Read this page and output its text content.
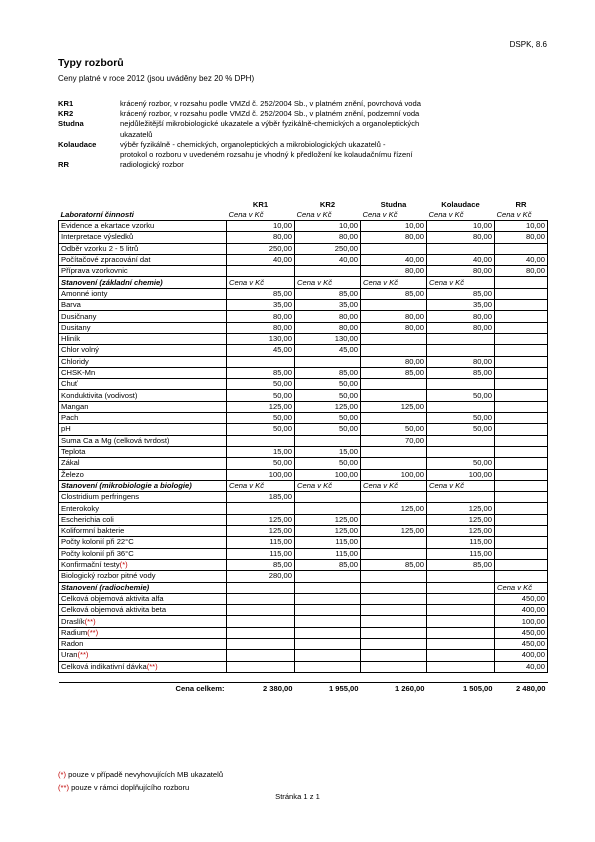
DSPK, 8.6
Typy rozborů
Ceny platné v roce 2012 (jsou uváděny bez 20 % DPH)
KR1	krácený rozbor, v rozsahu podle VMZd č. 252/2004 Sb., v platném znění, povrchová voda
KR2	krácený rozbor, v rozsahu podle VMZd č. 252/2004 Sb., v platném znění, podzemní voda
Studna	nejdůležitější mikrobiologické ukazatele a výběr fyzikálně-chemických a organoleptických
ukazatelů
Kolaudace	výběr fyzikálně - chemických, organoleptických a mikrobiologických ukazatelů -
protokol o rozboru v uvedeném rozsahu je vhodný k předložení ke kolaudačnímu řízení
RR	radiologický rozbor
	KR1	KR2	Studna	Kolaudace	RR
Laboratorní činnosti	Cena v Kč	Cena v Kč	Cena v Kč	Cena v Kč	Cena v Kč
Evidence a ekartace vzorku	10,00	10,00	10,00	10,00	10,00
Interpretace výsledků	80,00	80,00	80,00	80,00	80,00
Odběr vzorku 2 - 5 litrů	250,00	250,00			
Počítačové zpracování dat	40,00	40,00	40,00	40,00	40,00
Příprava vzorkovnic			80,00	80,00	80,00
Stanovení (základní chemie)	Cena v Kč	Cena v Kč	Cena v Kč	Cena v Kč	
Amonné ionty	85,00	85,00	85,00	85,00	
Barva	35,00	35,00		35,00	
Dusičnany	80,00	80,00	80,00	80,00	
Dusitany	80,00	80,00	80,00	80,00	
Hliník	130,00	130,00			
Chlor volný	45,00	45,00			
Chloridy			80,00	80,00	
CHSK-Mn	85,00	85,00	85,00	85,00	
Chuť	50,00	50,00			
Konduktivita (vodivost)	50,00	50,00		50,00	
Mangan	125,00	125,00	125,00		
Pach	50,00	50,00		50,00	
pH	50,00	50,00	50,00	50,00	
Suma Ca a Mg (celková tvrdost)			70,00		
Teplota	15,00	15,00			
Zákal	50,00	50,00		50,00	
Železo	100,00	100,00	100,00	100,00	
Stanovení (mikrobiologie a biologie)	Cena v Kč	Cena v Kč	Cena v Kč	Cena v Kč	
Clostridium perfringens	185,00				
Enterokoky			125,00	125,00	
Escherichia coli	125,00	125,00		125,00	
Koliformní bakterie	125,00	125,00	125,00	125,00	
Počty kolonií při 22°C	115,00	115,00		115,00	
Počty kolonií při 36°C	115,00	115,00		115,00	
Konfirmační testy(*)	85,00	85,00	85,00	85,00	
Biologický rozbor pitné vody	280,00				
Stanovení (radiochemie)					Cena v Kč
Celková objemová aktivita alfa					450,00
Celková objemová aktivita beta					400,00
Draslík(**)					100,00
Radium(**)					450,00
Radon					450,00
Uran(**)					400,00
Celková indikativní dávka(**)					40,00

Cena celkem:	2 380,00	1 955,00	1 260,00	1 505,00	2 480,00
(*) pouze v případě nevyhovujících MB ukazatelů
(**) pouze v rámci doplňujícího rozboru
Stránka 1 z 1
